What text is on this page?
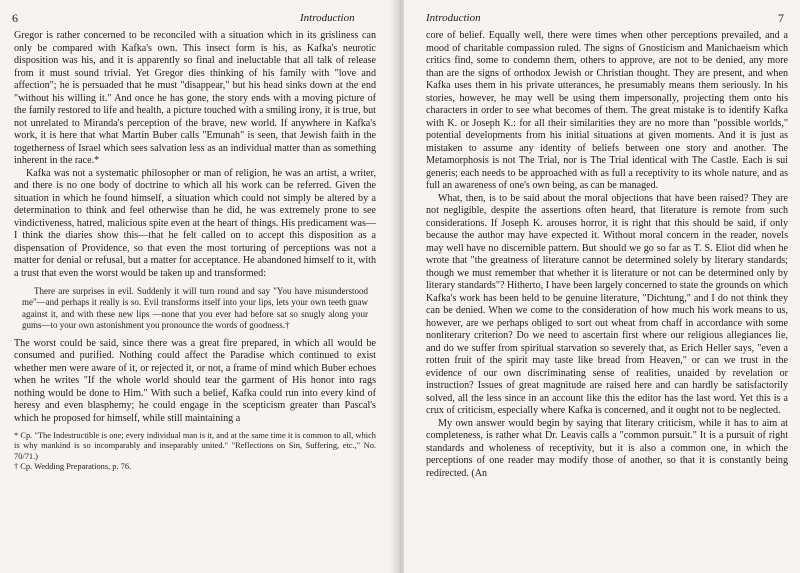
6	Introduction

Gregor is rather concerned to be reconciled with a situation which in its grisliness can only be compared with Kafka's own. This insect form is his, as Kafka's neurotic disposition was his, and it is apparently so final and ineluctable that all talk of release from it must sound trivial. Yet Gregor dies thinking of his family with "love and affection"; he is persuaded that he must "disappear," but his head sinks down at the end "without his willing it." And once he has gone, the story ends with a moving picture of the family restored to life and health, a picture touched with a smiling irony, it is true, but not unrelated to Miranda's perception of the brave, new world. If anywhere in Kafka's work, it is here that what Martin Buber calls "Emunah" is seen, that Jewish faith in the togetherness of Israel which sees salvation less as an individual matter than as something inherent in the race.*

Kafka was not a systematic philosopher or man of religion, he was an artist, a writer, and there is no one body of doctrine to which all his work can be referred. Given the situation in which he found himself, a situation which could not simply be altered by a determination to think and feel otherwise than he did, he was extremely prone to see vindictiveness, hatred, malicious spite even at the heart of things. His predicament was—I think the diaries show this—that he felt called on to accept this disposition as a dispensation of Providence, so that even the most torturing of perceptions was not a matter for denial or refusal, but a matter for acceptance. He abandoned himself to it, with a trust that even the worst would be taken up and transformed:

There are surprises in evil. Suddenly it will turn round and say "You have misunderstood me"—and perhaps it really is so. Evil transforms itself into your lips, lets your own teeth gnaw against it, and with these new lips —none that you ever had before sat so snugly along your gums—to your own astonishment you pronounce the words of goodness.†

The worst could be said, since there was a great fire prepared, in which all would be consumed and purified. Nothing could affect the Paradise which continued to exist whether men were aware of it, or rejected it, or not, a frame of mind which Buber echoes when he writes "If the whole world should tear the garment of His honor into rags nothing would be done to Him." With such a belief, Kafka could run into every kind of heresy and even blasphemy; he could engage in the scepticism greater than Pascal's which he proposed for himself, while still maintaining a

* Cp. "The Indestructible is one; every individual man is it, and at the same time it is common to all, which is why mankind is so incomparably and inseparably united." "Reflections on Sin, Suffering, etc.," No. 70/71.)

† Cp. Wedding Preparations, p. 76.

Introduction	7

core of belief. Equally well, there were times when other perceptions prevailed, and a mood of charitable compassion ruled. The signs of Gnosticism and Manichaeism which critics find, some to condemn them, others to approve, are not to be denied, any more than are the signs of orthodox Jewish or Christian thought. They are present, and when Kafka uses them in his private utterances, he presumably means them seriously. In his stories, however, he may well be using them impersonally, projecting them onto his characters in order to see what becomes of them. The great mistake is to identify Kafka with K. or Joseph K.: for all their similarities they are no more than "possible worlds," potential developments from his initial situations at given moments. And it is just as mistaken to assume any identity of beliefs between one story and another. The Metamorphosis is not The Trial, nor is The Trial identical with The Castle. Each is sui generis; each needs to be approached with as full a receptivity to its whole nature, and as full an awareness of one's own being, as can be managed.

What, then, is to be said about the moral objections that have been raised? They are not negligible, despite the assertions often heard, that literature is remote from such considerations. If Joseph K. arouses horror, it is right that this should be said, if only because the author may have expected it. Without moral concern in the reader, novels may well have no discernible pattern. But should we go so far as T. S. Eliot did when he wrote that "the greatness of literature cannot be determined solely by literary standards; though we must remember that whether it is literature or not can be determined only by literary standards"? Hitherto, I have been largely concerned to state the grounds on which Kafka's work has been held to be genuine literature, "Dichtung," and I do not think they can be denied. When we come to the consideration of how much his work means to us, however, are we perhaps obliged to sort out wheat from chaff in accordance with some nonliterary criterion? Do we need to ascertain first where our religious allegiances lie, and do we suffer from spiritual starvation so severely that, as Erich Heller says, "even a rotten fruit of the spirit may taste like bread from Heaven," or can we trust in the evidence of our own discriminating sense of realities, unaided by revelation or instruction? Issues of great magnitude are raised here and can hardly be satisfactorily solved, all the less since in an account like this the editor has the last word. Yet this is a crux of criticism, especially where Kafka is concerned, and it ought not to be neglected.

My own answer would begin by saying that literary criticism, while it has to aim at completeness, is rather what Dr. Leavis calls a "common pursuit." It is a pursuit of right standards and wholeness of receptivity, but it is also a common one, in which the perceptions of one reader may modify those of another, so that it is constantly being redirected. (An
